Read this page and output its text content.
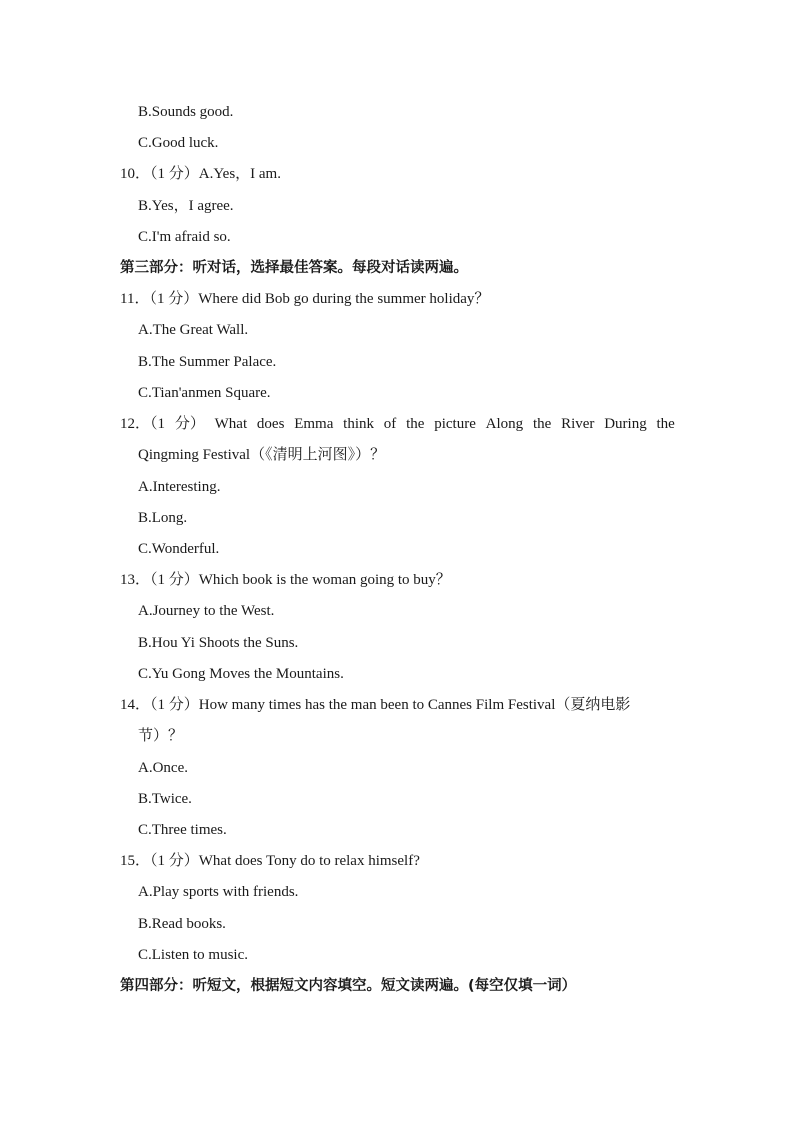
B.Sounds good.
C.Good luck.
10．（1 分）A.Yes，I am.
B.Yes，I agree.
C.I'm afraid so.
第三部分：听对话，选择最佳答案。每段对话读两遍。
11．（1 分）Where did Bob go during the summer holiday？
A.The Great Wall.
B.The Summer Palace.
C.Tian'anmen Square.
12．（1 分） What does Emma think of the picture Along the River During the
Qingming Festival（《清明上河图》）？
A.Interesting.
B.Long.
C.Wonderful.
13．（1 分）Which book is the woman going to buy？
A.Journey to the West.
B.Hou Yi Shoots the Suns.
C.Yu Gong Moves the Mountains.
14．（1 分）How many times has the man been to Cannes Film Festival（夏纳电影
节）？
A.Once.
B.Twice.
C.Three times.
15．（1 分）What does Tony do to relax himself?
A.Play sports with friends.
B.Read books.
C.Listen to music.
第四部分：听短文，根据短文内容填空。短文读两遍。(每空仅填一词）
